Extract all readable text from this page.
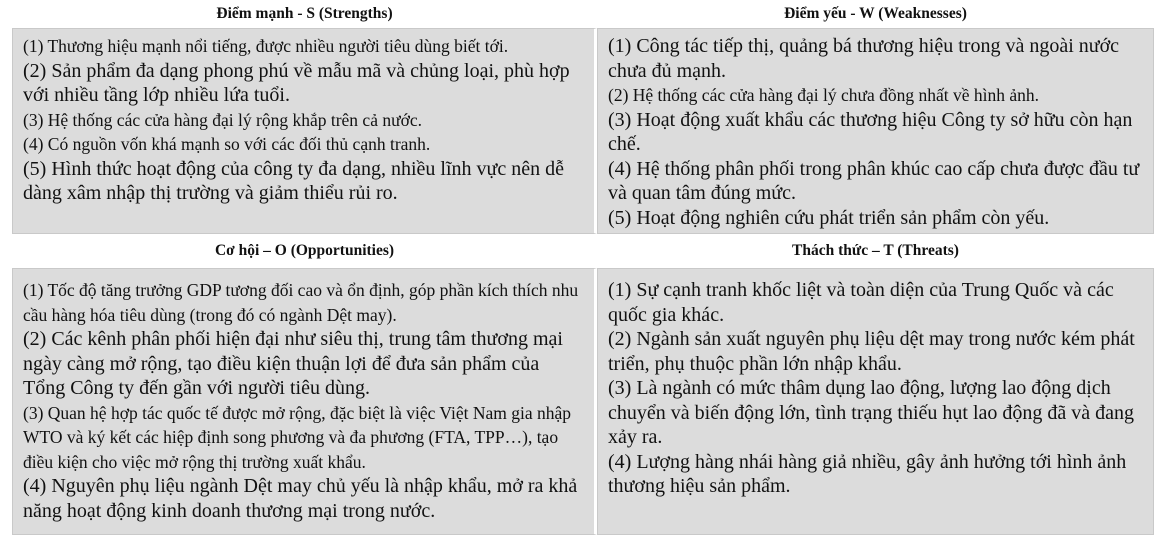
Điểm mạnh - S (Strengths)	Điểm yếu - W (Weaknesses)

(1) Thương hiệu mạnh nổi tiếng, được nhiều người tiêu dùng biết tới.

(2) Sản phẩm đa dạng phong phú về mẫu mã và chủng loại, phù hợp với nhiều tầng lớp nhiều lứa tuổi.

(3) Hệ thống các cửa hàng đại lý rộng khắp trên cả nước.

(4) Có nguồn vốn khá mạnh so với các đối thủ cạnh tranh.

(5) Hình thức hoạt động của công ty đa dạng, nhiều lĩnh vực nên dễ dàng xâm nhập thị trường và giảm thiểu rủi ro.

(1) Công tác tiếp thị, quảng bá thương hiệu trong và ngoài nước chưa đủ mạnh.

(2) Hệ thống các cửa hàng đại lý chưa đồng nhất về hình ảnh.

(3) Hoạt động xuất khẩu các thương hiệu Công ty sở hữu còn hạn chế.

(4) Hệ thống phân phối trong phân khúc cao cấp chưa được đầu tư và quan tâm đúng mức.

(5) Hoạt động nghiên cứu phát triển sản phẩm còn yếu.

Cơ hội – O (Opportunities)	Thách thức – T (Threats)

(1) Tốc độ tăng trưởng GDP tương đối cao và ổn định, góp phần kích thích nhu cầu hàng hóa tiêu dùng (trong đó có ngành Dệt may).

(2) Các kênh phân phối hiện đại như siêu thị, trung tâm thương mại ngày càng mở rộng, tạo điều kiện thuận lợi để đưa sản phẩm của Tổng Công ty đến gần với người tiêu dùng.

(3) Quan hệ hợp tác quốc tế được mở rộng, đặc biệt là việc Việt Nam gia nhập WTO và ký kết các hiệp định song phương và đa phương (FTA, TPP…), tạo điều kiện cho việc mở rộng thị trường xuất khẩu.

(4) Nguyên phụ liệu ngành Dệt may chủ yếu là nhập khẩu, mở ra khả năng hoạt động kinh doanh thương mại trong nước.

(1) Sự cạnh tranh khốc liệt và toàn diện của Trung Quốc và các quốc gia khác.

(2) Ngành sản xuất nguyên phụ liệu dệt may trong nước kém phát triển, phụ thuộc phần lớn nhập khẩu.

(3) Là ngành có mức thâm dụng lao động, lượng lao động dịch chuyển và biến động lớn, tình trạng thiếu hụt lao động đã và đang xảy ra.

(4) Lượng hàng nhái hàng giả nhiều, gây ảnh hưởng tới hình ảnh thương hiệu sản phẩm.
